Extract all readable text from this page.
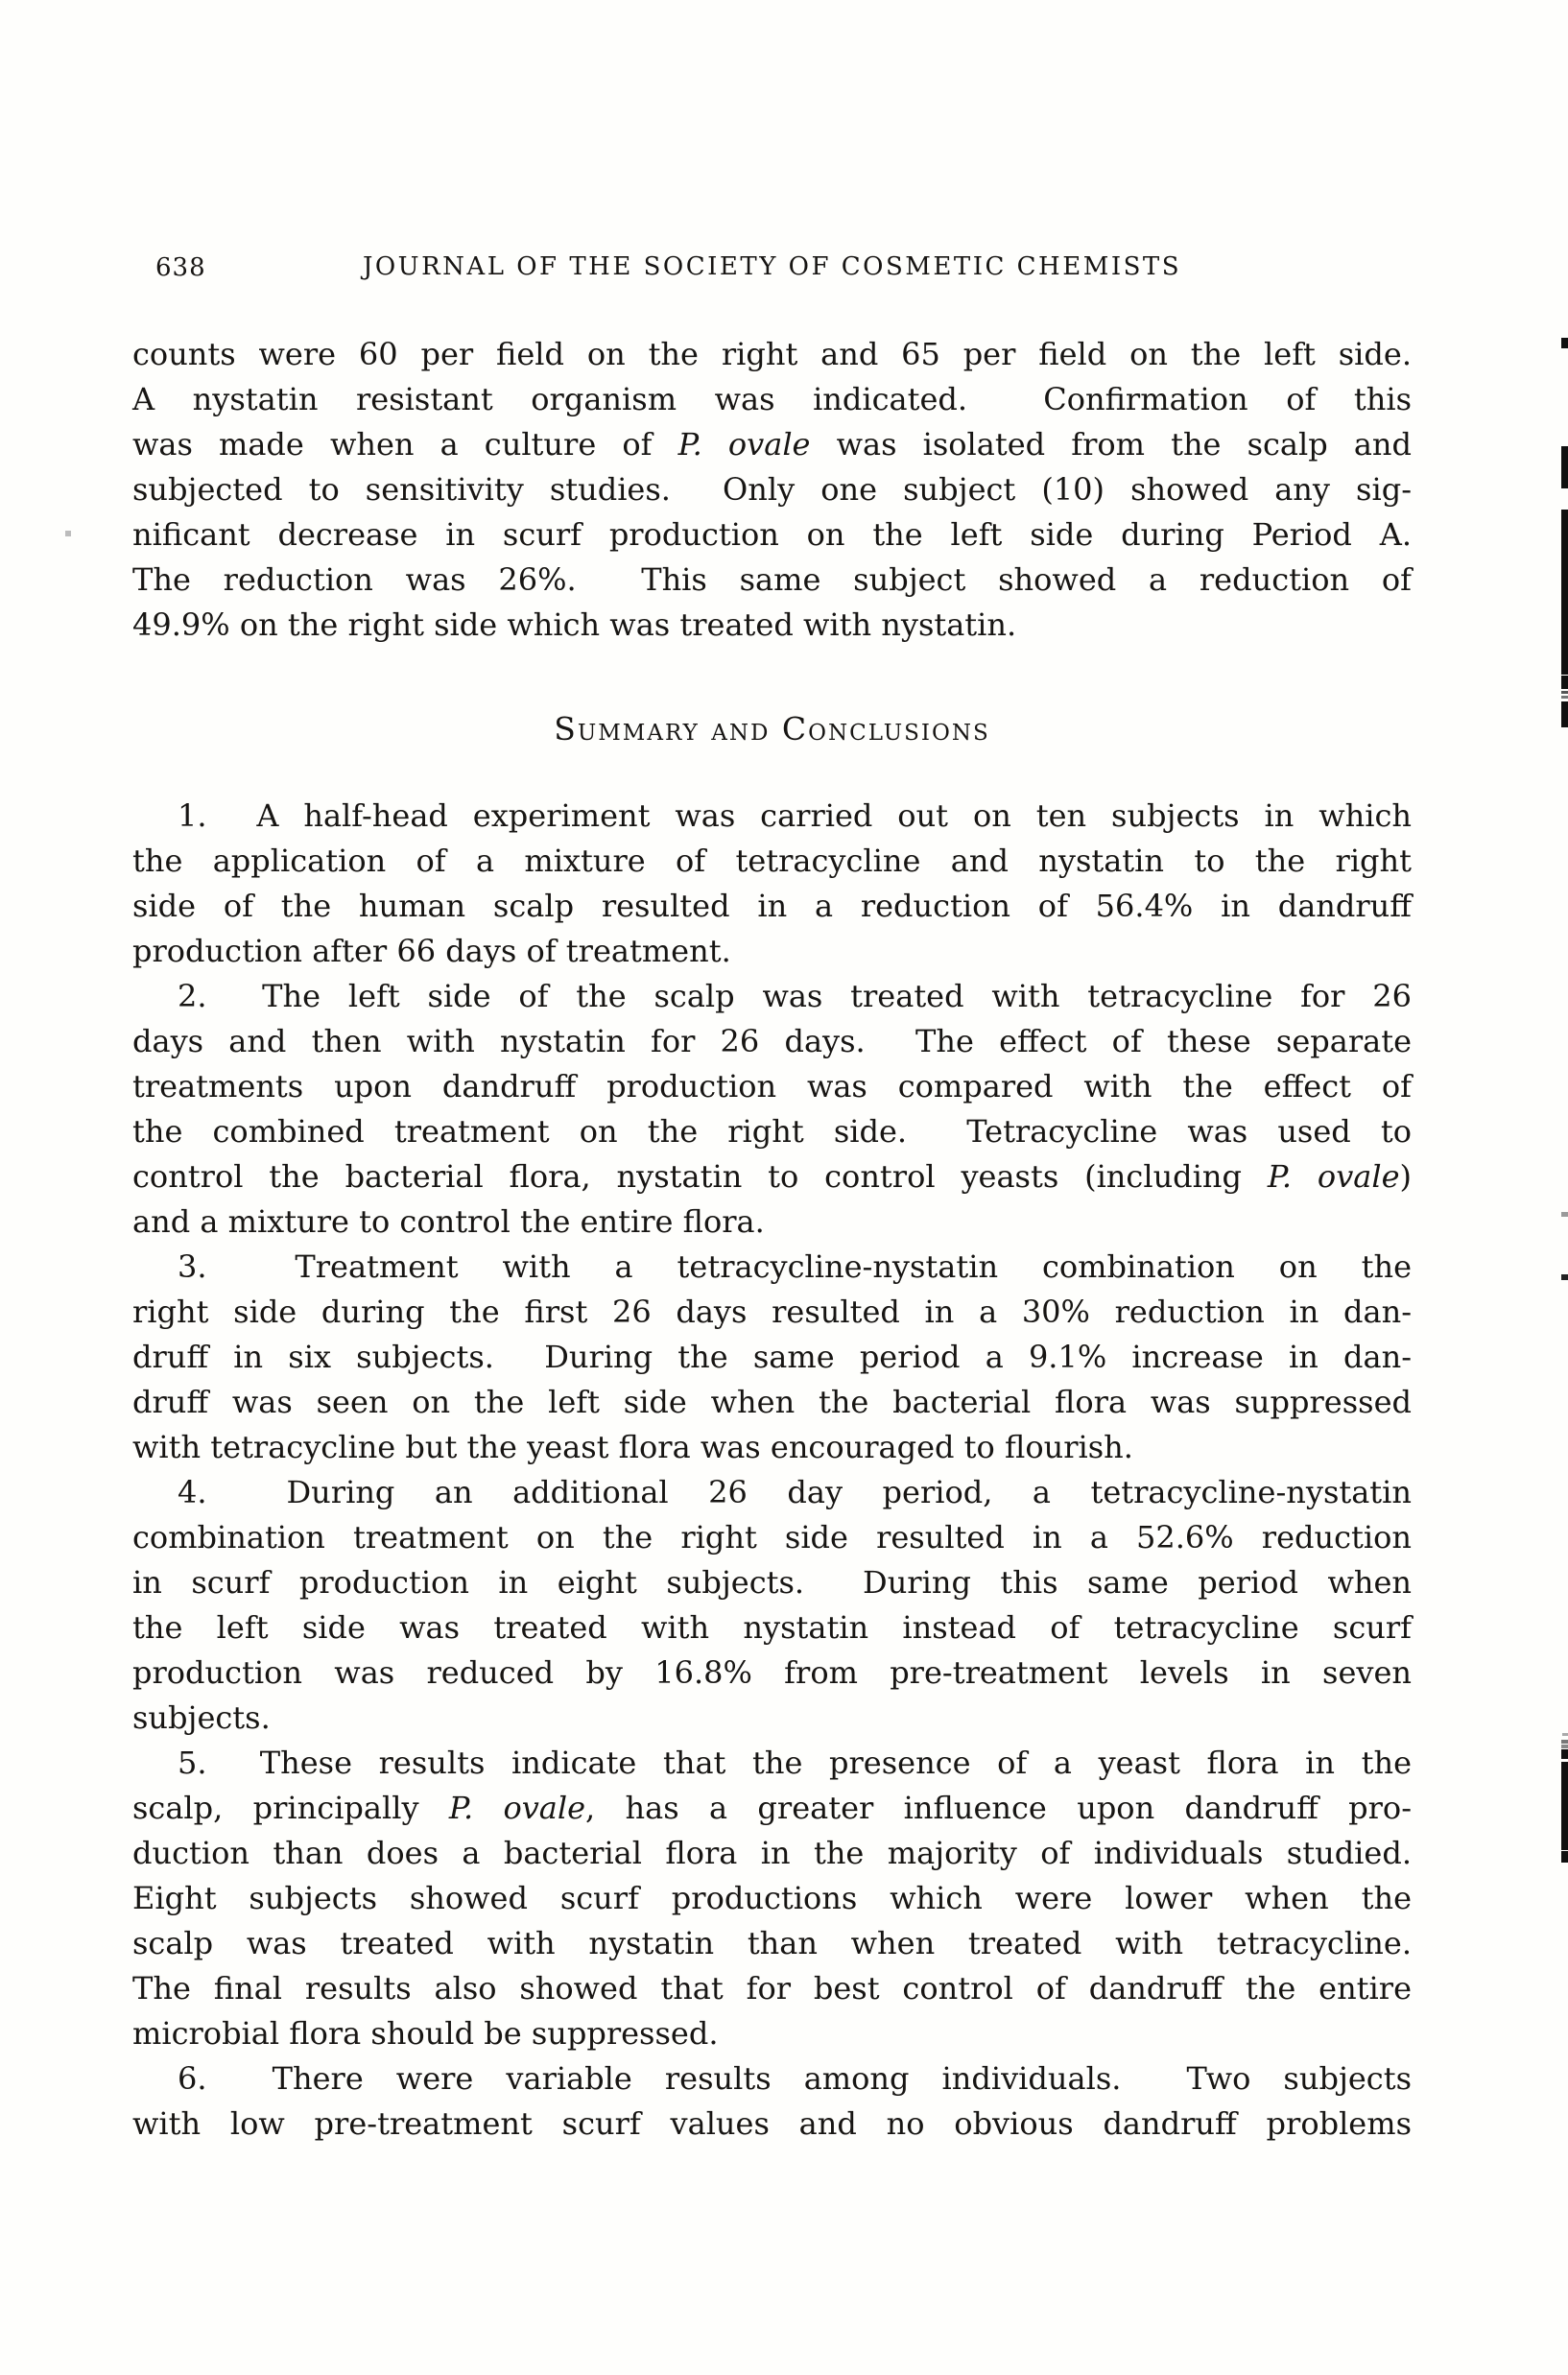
638	JOURNAL OF THE SOCIETY OF COSMETIC CHEMISTS
counts were 60 per field on the right and 65 per field on the left side.
A nystatin resistant organism was indicated.  Confirmation of this
was made when a culture of P. ovale was isolated from the scalp and
subjected to sensitivity studies.  Only one subject (10) showed any sig-
nificant decrease in scurf production on the left side during Period A.
The reduction was 26%.  This same subject showed a reduction of
49.9% on the right side which was treated with nystatin.
Summary and Conclusions
1.  A half-head experiment was carried out on ten subjects in which
the application of a mixture of tetracycline and nystatin to the right
side of the human scalp resulted in a reduction of 56.4% in dandruff
production after 66 days of treatment.
2.  The left side of the scalp was treated with tetracycline for 26
days and then with nystatin for 26 days.  The effect of these separate
treatments upon dandruff production was compared with the effect of
the combined treatment on the right side.  Tetracycline was used to
control the bacterial flora, nystatin to control yeasts (including P. ovale)
and a mixture to control the entire flora.
3.  Treatment with a tetracycline-nystatin combination on the
right side during the first 26 days resulted in a 30% reduction in dan-
druff in six subjects.  During the same period a 9.1% increase in dan-
druff was seen on the left side when the bacterial flora was suppressed
with tetracycline but the yeast flora was encouraged to flourish.
4.  During an additional 26 day period, a tetracycline-nystatin
combination treatment on the right side resulted in a 52.6% reduction
in scurf production in eight subjects.  During this same period when
the left side was treated with nystatin instead of tetracycline scurf
production was reduced by 16.8% from pre-treatment levels in seven
subjects.
5.  These results indicate that the presence of a yeast flora in the
scalp, principally P. ovale, has a greater influence upon dandruff pro-
duction than does a bacterial flora in the majority of individuals studied.
Eight subjects showed scurf productions which were lower when the
scalp was treated with nystatin than when treated with tetracycline.
The final results also showed that for best control of dandruff the entire
microbial flora should be suppressed.
6.  There were variable results among individuals.  Two subjects
with low pre-treatment scurf values and no obvious dandruff problems
